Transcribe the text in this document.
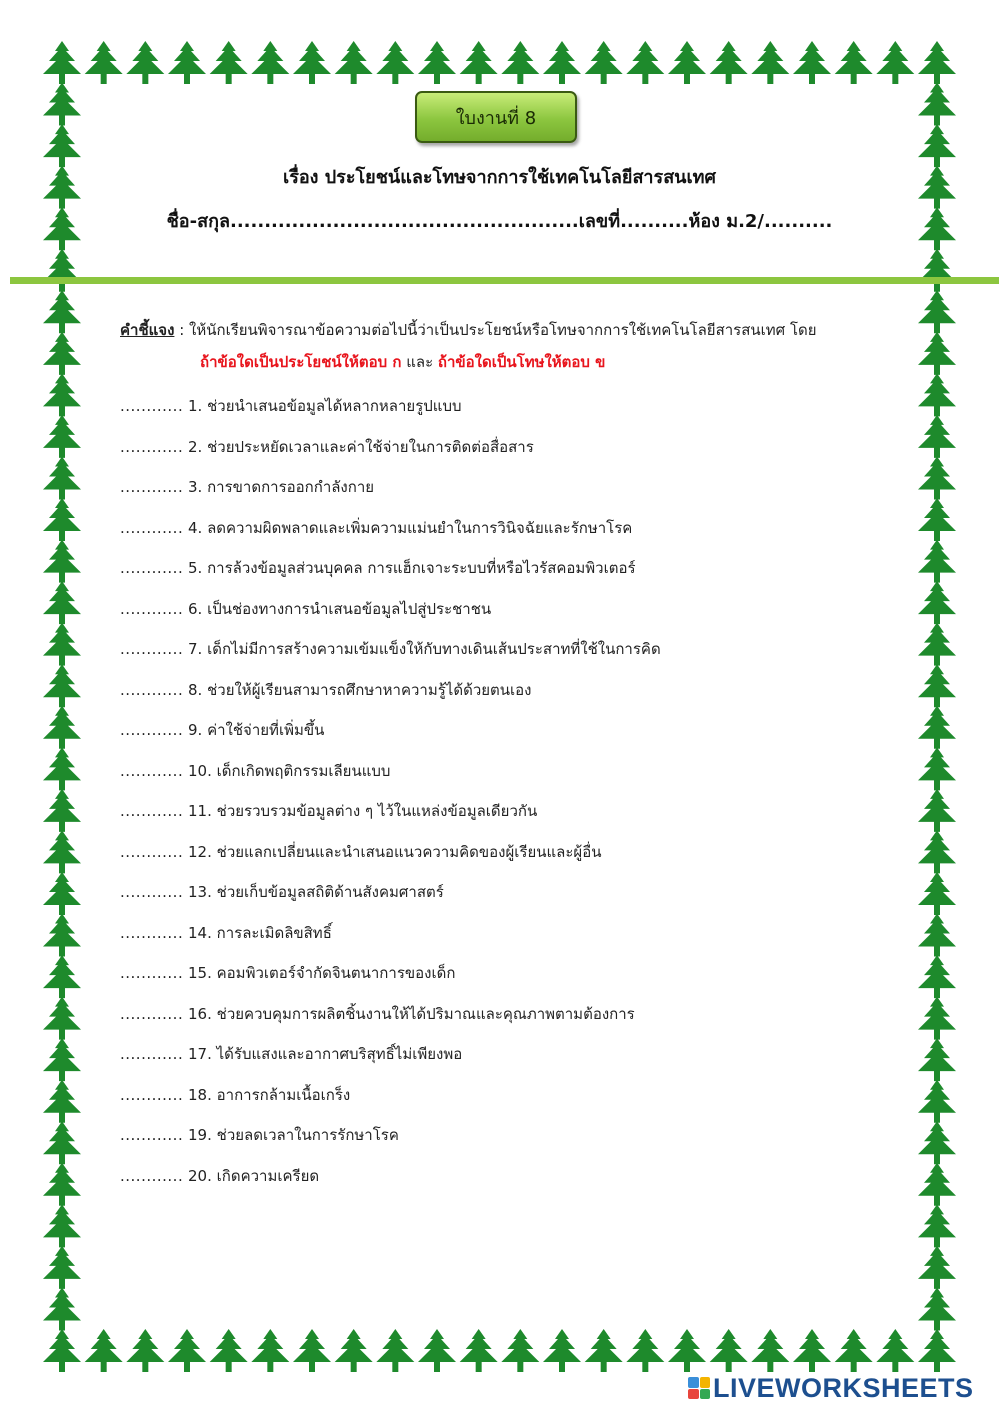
ใบงานที่ 8
เรื่อง ประโยชน์และโทษจากการใช้เทคโนโลยีสารสนเทศ
ชื่อ-สกุล...................................................เลขที่..........ห้อง ม.2/..........
คำชี้แจง : ให้นักเรียนพิจารณาข้อความต่อไปนี้ว่าเป็นประโยชน์หรือโทษจากการใช้เทคโนโลยีสารสนเทศ โดย
ถ้าข้อใดเป็นประโยชน์ให้ตอบ ก และ ถ้าข้อใดเป็นโทษให้ตอบ ข
............ 1. ช่วยนำเสนอข้อมูลได้หลากหลายรูปแบบ
............ 2. ช่วยประหยัดเวลาและค่าใช้จ่ายในการติดต่อสื่อสาร
............ 3. การขาดการออกกำลังกาย
............ 4. ลดความผิดพลาดและเพิ่มความแม่นยำในการวินิจฉัยและรักษาโรค
............ 5. การล้วงข้อมูลส่วนบุคคล การแฮ็กเจาะระบบที่หรือไวรัสคอมพิวเตอร์
............ 6. เป็นช่องทางการนำเสนอข้อมูลไปสู่ประชาชน
............ 7. เด็กไม่มีการสร้างความเข้มแข็งให้กับทางเดินเส้นประสาทที่ใช้ในการคิด
............ 8. ช่วยให้ผู้เรียนสามารถศึกษาหาความรู้ได้ด้วยตนเอง
............ 9. ค่าใช้จ่ายที่เพิ่มขึ้น
............ 10. เด็กเกิดพฤติกรรมเลียนแบบ
............ 11. ช่วยรวบรวมข้อมูลต่าง ๆ ไว้ในแหล่งข้อมูลเดียวกัน
............ 12. ช่วยแลกเปลี่ยนและนำเสนอแนวความคิดของผู้เรียนและผู้อื่น
............ 13. ช่วยเก็บข้อมูลสถิติด้านสังคมศาสตร์
............ 14. การละเมิดลิขสิทธิ์
............ 15. คอมพิวเตอร์จำกัดจินตนาการของเด็ก
............ 16. ช่วยควบคุมการผลิตชิ้นงานให้ได้ปริมาณและคุณภาพตามต้องการ
............ 17. ได้รับแสงและอากาศบริสุทธิ์ไม่เพียงพอ
............ 18. อาการกล้ามเนื้อเกร็ง
............ 19. ช่วยลดเวลาในการรักษาโรค
............ 20. เกิดความเครียด
LIVEWORKSHEETS
